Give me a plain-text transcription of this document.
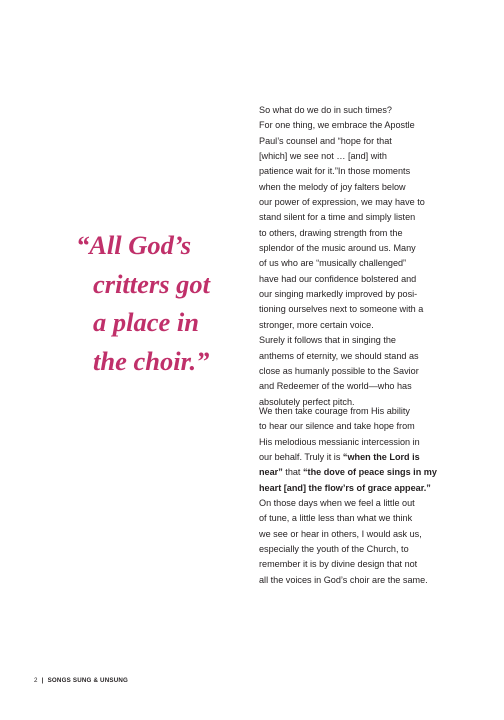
“All God’s
critters got
a place in
the choir.”
So what do we do in such times?
For one thing, we embrace the Apostle
Paul’s counsel and “hope for that
[which] we see not … [and] with
patience wait for it.”In those moments
when the melody of joy falters below
our power of expression, we may have to
stand silent for a time and simply listen
to others, drawing strength from the
splendor of the music around us. Many
of us who are “musically challenged”
have had our confidence bolstered and
our singing markedly improved by posi-
tioning ourselves next to someone with a
stronger, more certain voice.
Surely it follows that in singing the
anthems of eternity, we should stand as
close as humanly possible to the Savior
and Redeemer of the world—who has
absolutely perfect pitch.
We then take courage from His ability
to hear our silence and take hope from
His melodious messianic intercession in
our behalf. Truly it is “when the Lord is
near” that “the dove of peace sings in my
heart [and] the flow’rs of grace appear.”
On those days when we feel a little out
of tune, a little less than what we think
we see or hear in others, I would ask us,
especially the youth of the Church, to
remember it is by divine design that not
all the voices in God’s choir are the same.
2 | SONGS SUNG & UNSUNG
